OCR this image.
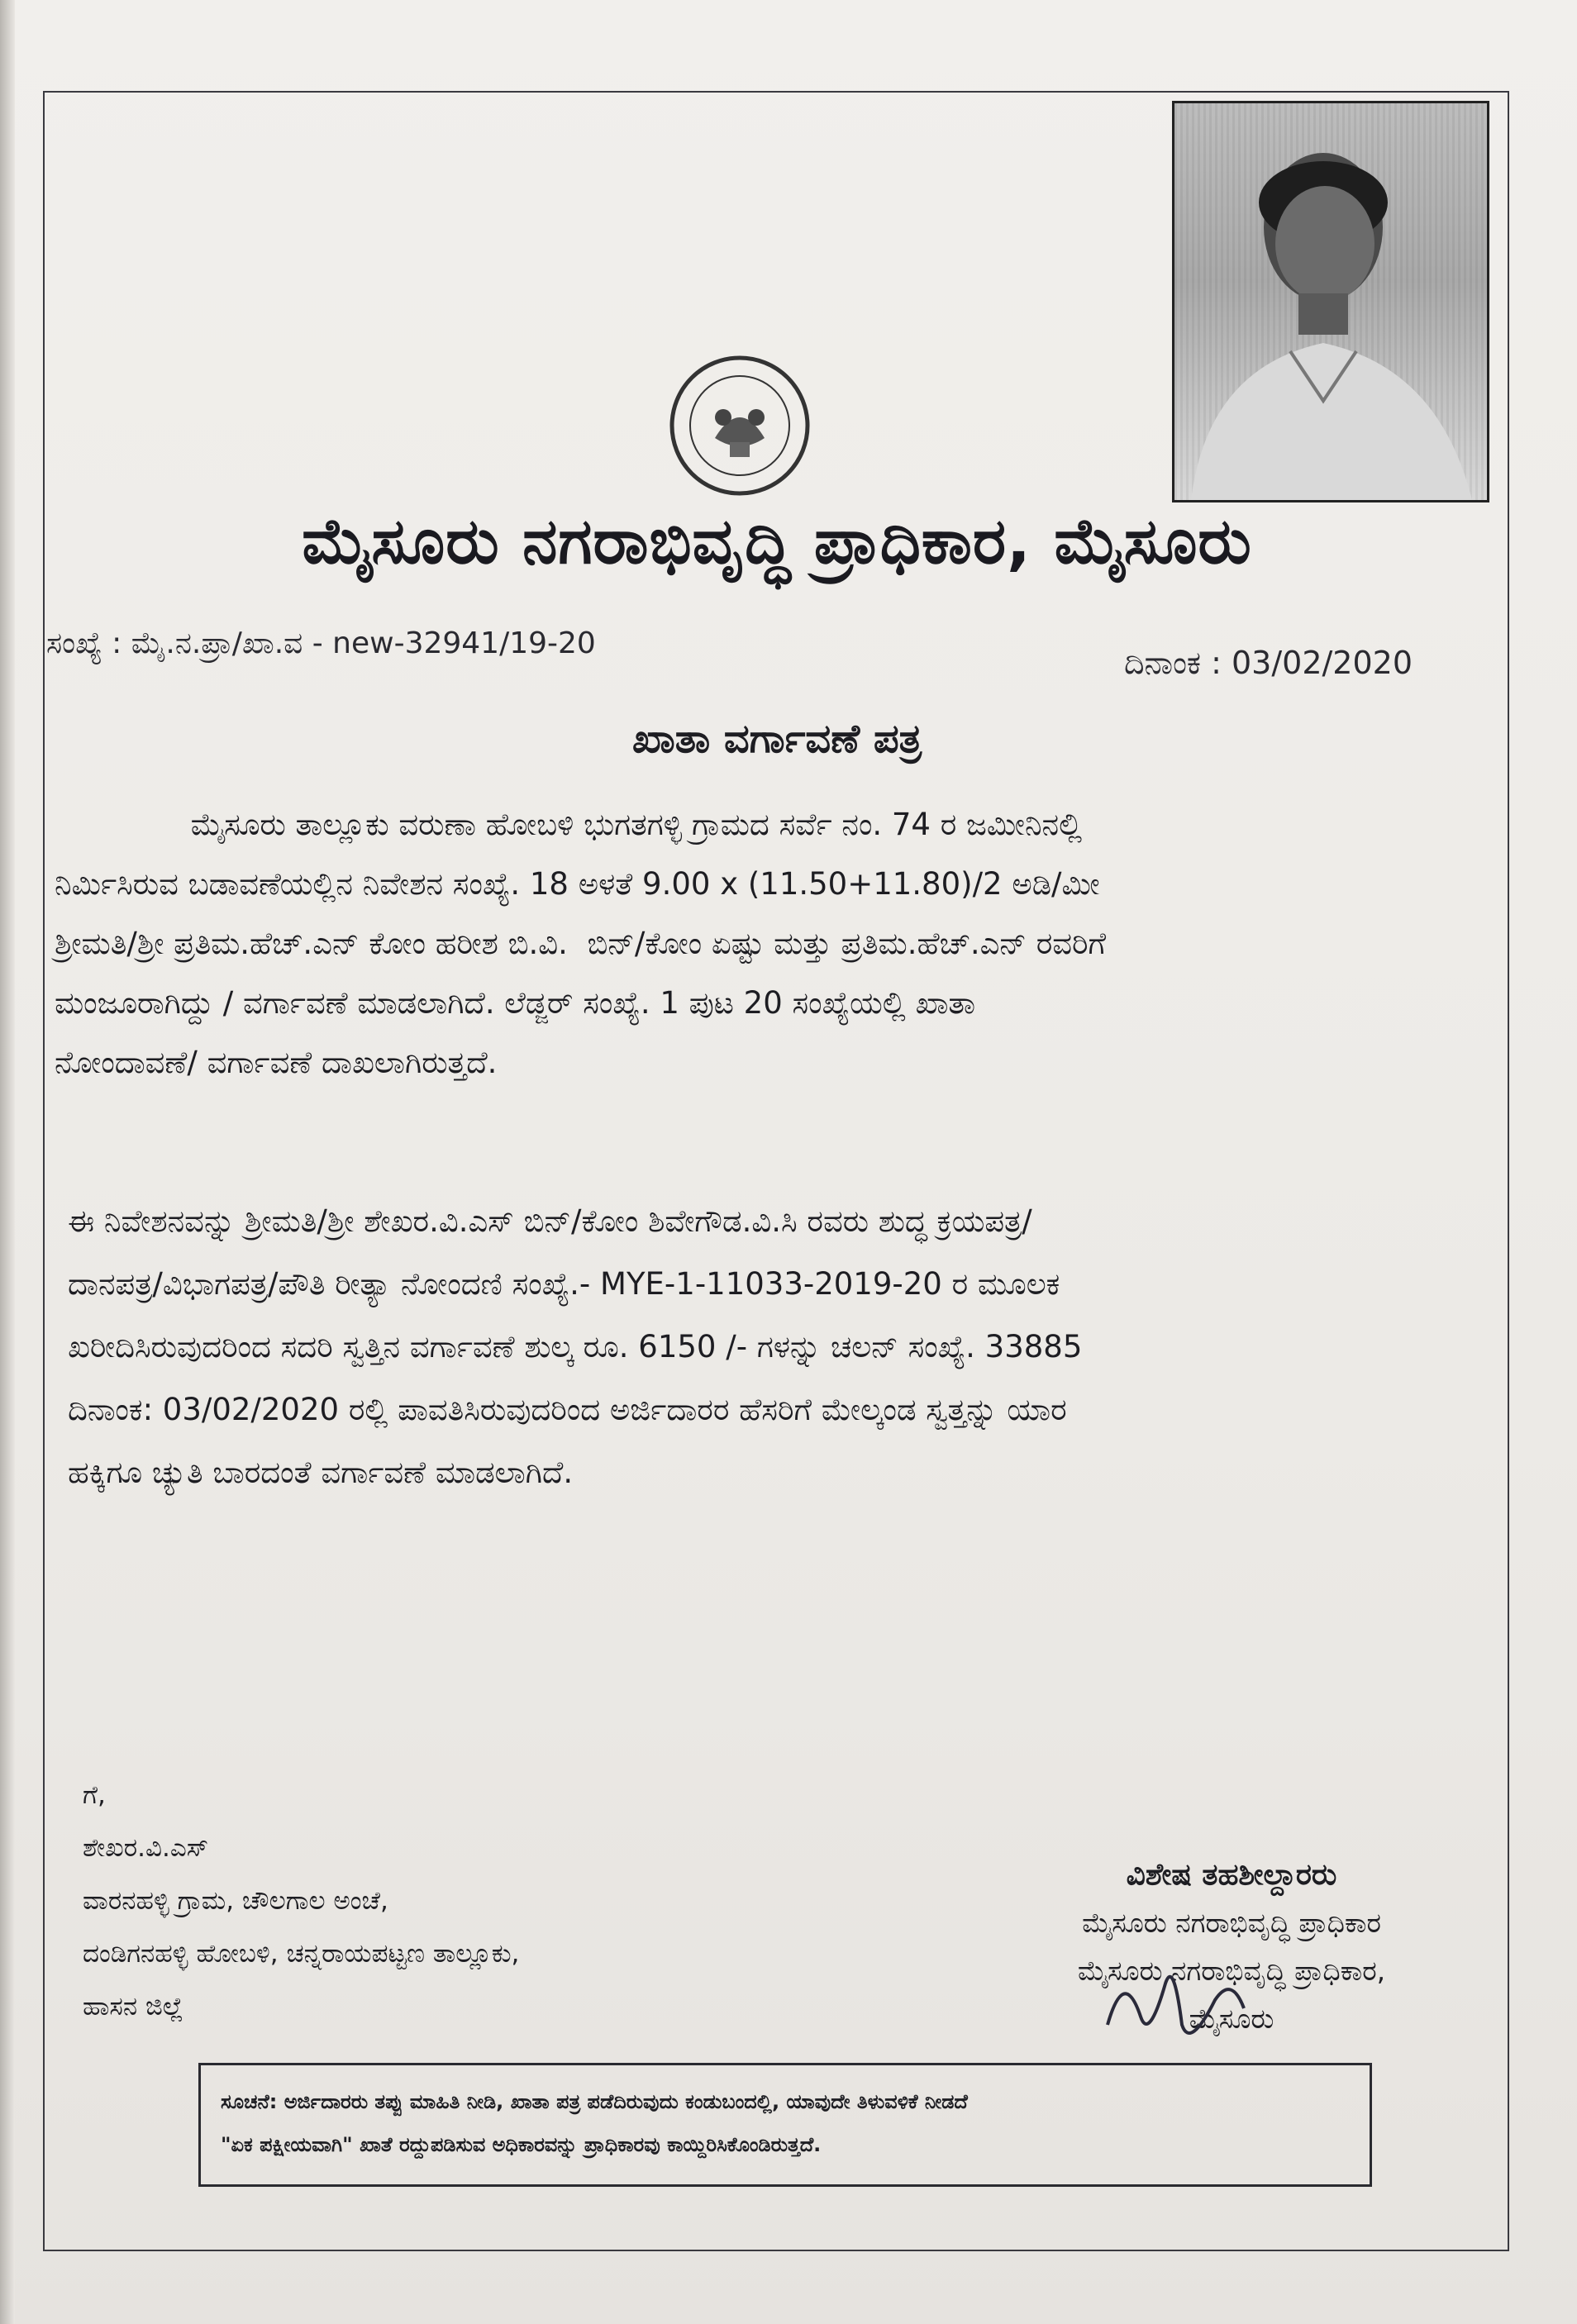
ಮೈಸೂರು ನಗರಾಭಿವೃದ್ಧಿ ಪ್ರಾಧಿಕಾರ, ಮೈಸೂರು
ಸಂಖ್ಯೆ : ಮೈ.ನ.ಪ್ರಾ/ಖಾ.ವ - new-32941/19-20
ದಿನಾಂಕ : 03/02/2020
ಖಾತಾ ವರ್ಗಾವಣೆ ಪತ್ರ
ಮೈಸೂರು ತಾಲ್ಲೂಕು ವರುಣಾ ಹೋಬಳಿ ಭುಗತಗಳ್ಳಿ ಗ್ರಾಮದ ಸರ್ವೆ ನಂ. 74 ರ ಜಮೀನಿನಲ್ಲಿ
ನಿರ್ಮಿಸಿರುವ ಬಡಾವಣೆಯಲ್ಲಿನ ನಿವೇಶನ ಸಂಖ್ಯೆ. 18 ಅಳತೆ 9.00 x (11.50+11.80)/2 ಅಡಿ/ಮೀ
ಶ್ರೀಮತಿ/ಶ್ರೀ ಪ್ರತಿಮ.ಹೆಚ್.ಎನ್ ಕೋಂ ಹರೀಶ ಬಿ.ವಿ.  ಬಿನ್/ಕೋಂ ಏಷ್ಟು ಮತ್ತು ಪ್ರತಿಮ.ಹೆಚ್.ಎನ್ ರವರಿಗೆ
ಮಂಜೂರಾಗಿದ್ದು / ವರ್ಗಾವಣೆ ಮಾಡಲಾಗಿದೆ. ಲೆಡ್ಜರ್ ಸಂಖ್ಯೆ. 1 ಪುಟ 20 ಸಂಖ್ಯೆಯಲ್ಲಿ ಖಾತಾ
ನೋಂದಾವಣೆ/ ವರ್ಗಾವಣೆ ದಾಖಲಾಗಿರುತ್ತದೆ.
ಈ ನಿವೇಶನವನ್ನು ಶ್ರೀಮತಿ/ಶ್ರೀ ಶೇಖರ.ವಿ.ಎಸ್ ಬಿನ್/ಕೋಂ ಶಿವೇಗೌಡ.ವಿ.ಸಿ ರವರು ಶುದ್ಧ ಕ್ರಯಪತ್ರ/
ದಾನಪತ್ರ/ವಿಭಾಗಪತ್ರ/ಪೌತಿ ರೀತ್ಯಾ ನೋಂದಣಿ ಸಂಖ್ಯೆ.- MYE-1-11033-2019-20 ರ ಮೂಲಕ
ಖರೀದಿಸಿರುವುದರಿಂದ ಸದರಿ ಸ್ವತ್ತಿನ ವರ್ಗಾವಣೆ ಶುಲ್ಕ ರೂ. 6150 /- ಗಳನ್ನು ಚಲನ್ ಸಂಖ್ಯೆ. 33885
ದಿನಾಂಕ: 03/02/2020 ರಲ್ಲಿ ಪಾವತಿಸಿರುವುದರಿಂದ ಅರ್ಜಿದಾರರ ಹೆಸರಿಗೆ ಮೇಲ್ಕಂಡ ಸ್ವತ್ತನ್ನು ಯಾರ
ಹಕ್ಕಿಗೂ ಚ್ಯುತಿ ಬಾರದಂತೆ ವರ್ಗಾವಣೆ ಮಾಡಲಾಗಿದೆ.
ಗೆ,
ಶೇಖರ.ವಿ.ಎಸ್
ವಾರನಹಳ್ಳಿ ಗ್ರಾಮ, ಚೌಲಗಾಲ ಅಂಚೆ,
ದಂಡಿಗನಹಳ್ಳಿ ಹೋಬಳಿ, ಚನ್ನರಾಯಪಟ್ಟಣ ತಾಲ್ಲೂಕು,
ಹಾಸನ ಜಿಲ್ಲೆ
ವಿಶೇಷ ತಹಶೀಲ್ದಾರರು
ಮೈಸೂರು ನಗರಾಭಿವೃದ್ಧಿ ಪ್ರಾಧಿಕಾರ
ಮೈಸೂರು ನಗರಾಭಿವೃದ್ಧಿ ಪ್ರಾಧಿಕಾರ,
ಮೈಸೂರು
ಸೂಚನೆ: ಅರ್ಜಿದಾರರು ತಪ್ಪು ಮಾಹಿತಿ ನೀಡಿ, ಖಾತಾ ಪತ್ರ ಪಡೆದಿರುವುದು ಕಂಡುಬಂದಲ್ಲಿ, ಯಾವುದೇ ತಿಳುವಳಿಕೆ ನೀಡದೆ
"ಏಕ ಪಕ್ಷೀಯವಾಗಿ" ಖಾತೆ ರದ್ದುಪಡಿಸುವ ಅಧಿಕಾರವನ್ನು ಪ್ರಾಧಿಕಾರವು ಕಾಯ್ದಿರಿಸಿಕೊಂಡಿರುತ್ತದೆ.
